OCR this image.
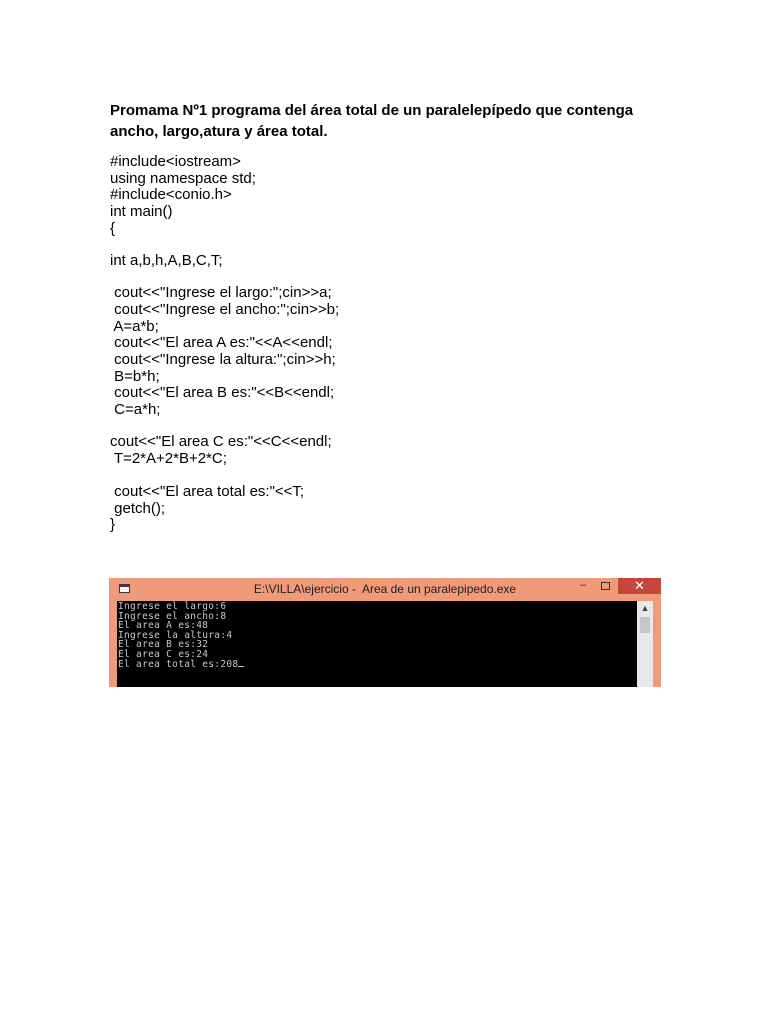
Promama Nº1 programa del área total de un paralelepípedo que contenga
ancho, largo,atura y área total.
#include<iostream>
using namespace std;
#include<conio.h>
int main()
{
int a,b,h,A,B,C,T;
cout<<"Ingrese el largo:";cin>>a;
cout<<"Ingrese el ancho:";cin>>b;
A=a*b;
cout<<"El area A es:"<<A<<endl;
cout<<"Ingrese la altura:";cin>>h;
B=b*h;
cout<<"El area B es:"<<B<<endl;
C=a*h;
cout<<"El area C es:"<<C<<endl;
T=2*A+2*B+2*C;
cout<<"El area total es:"<<T;
getch();
}
E:\VILLA\ejercicio -  Area de un paralepipedo.exe	–	✕
Ingrese el largo:6
Ingrese el ancho:8
El area A es:48
Ingrese la altura:4
El area B es:32
El area C es:24
El area total es:208
▲
